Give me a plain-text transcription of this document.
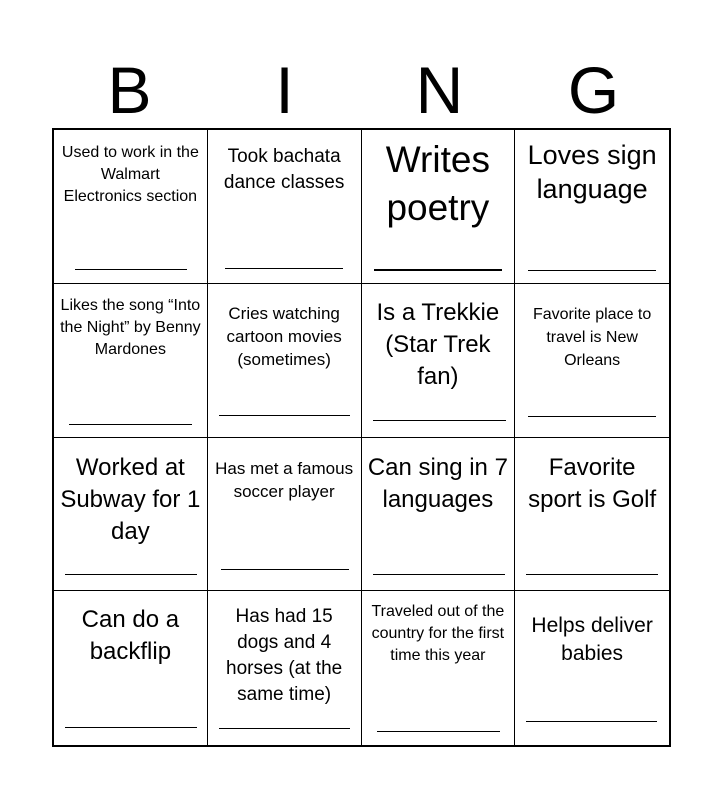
B	I	N	G
Used to work in the Walmart Electronics section
Took bachata dance classes
Writes poetry
Loves sign language
Likes the song “Into the Night” by Benny Mardones
Cries watching cartoon movies (sometimes)
Is a Trekkie (Star Trek fan)
Favorite place to travel is New Orleans
Worked at Subway for 1 day
Has met a famous soccer player
Can sing in 7 languages
Favorite sport is Golf
Can do a backflip
Has had 15 dogs and 4 horses (at the same time)
Traveled out of the country for the first time this year
Helps deliver babies
